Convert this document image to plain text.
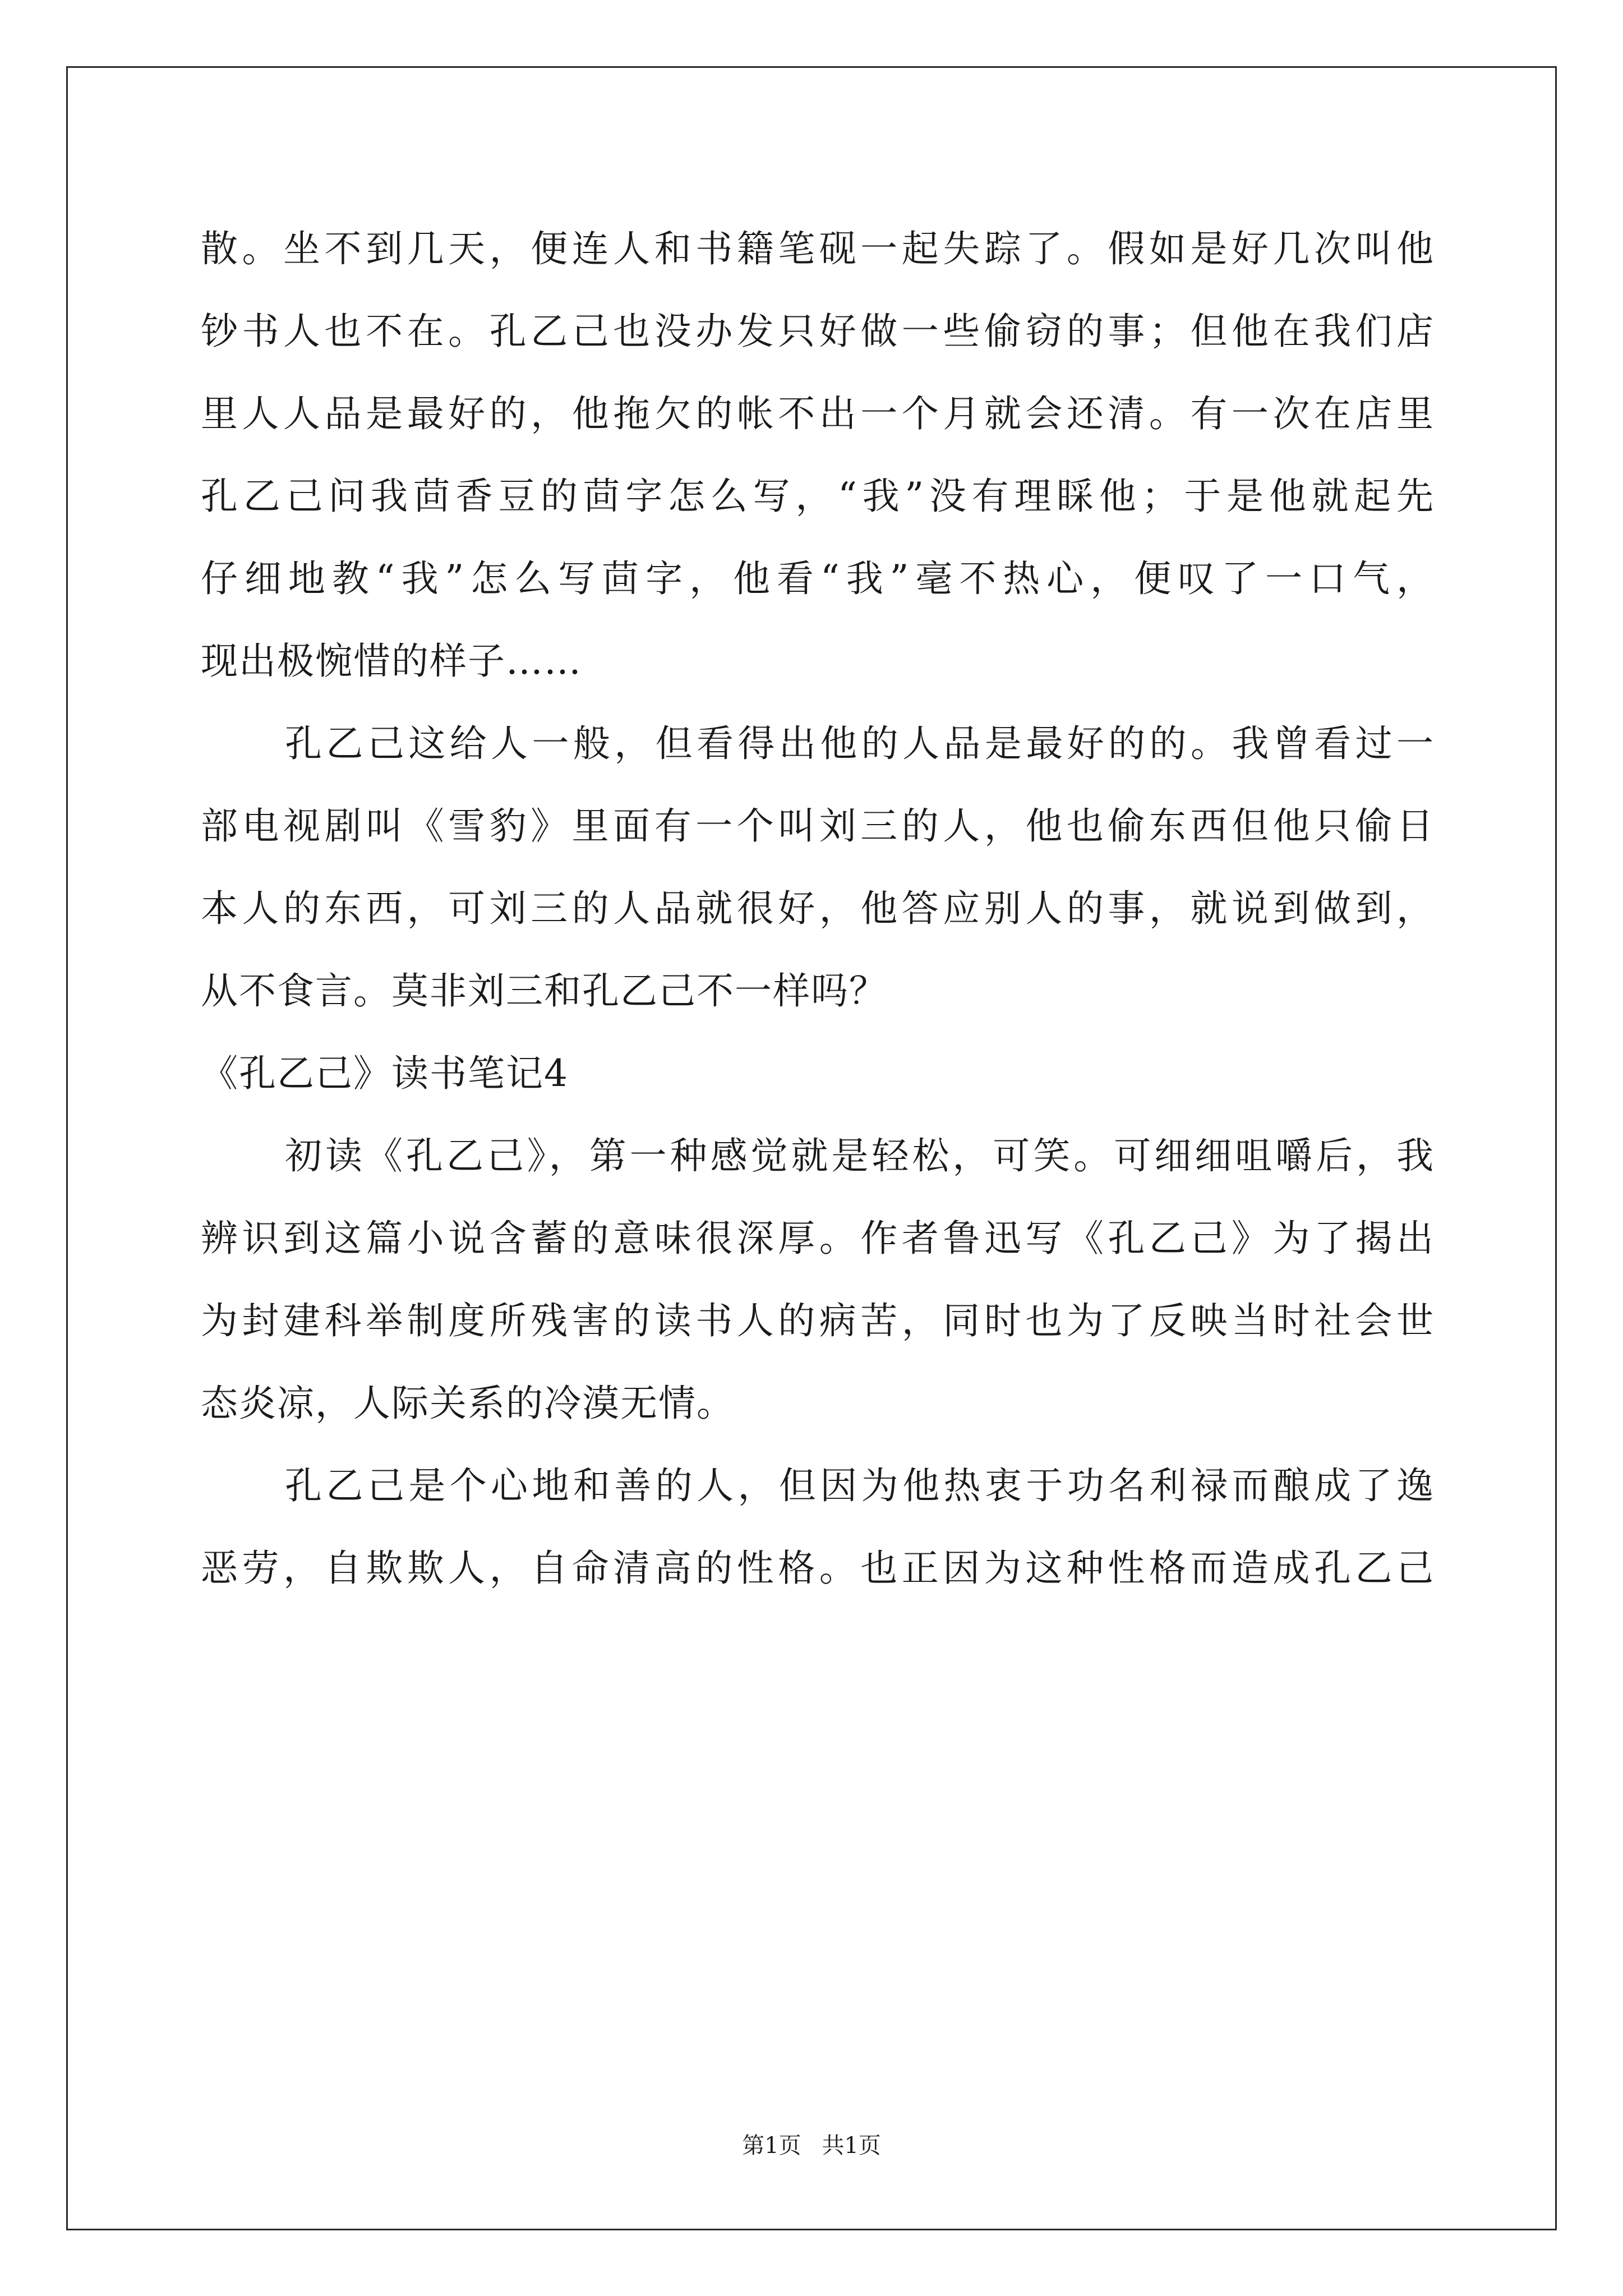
散。坐不到几天，便连人和书籍笔砚一起失踪了。假如是好几次叫他

钞书人也不在。孔乙己也没办发只好做一些偷窃的事；但他在我们店

里人人品是最好的，他拖欠的帐不出一个月就会还清。有一次在店里

孔乙己问我茴香豆的茴字怎么写，“我”没有理睬他；于是他就起先

仔细地教“我”怎么写茴字，他看“我”毫不热心，便叹了一口气，

现出极惋惜的样子……

孔乙己这给人一般，但看得出他的人品是最好的的。我曾看过一

部电视剧叫《雪豹》里面有一个叫刘三的人，他也偷东西但他只偷日

本人的东西，可刘三的人品就很好，他答应别人的事，就说到做到，

从不食言。莫非刘三和孔乙己不一样吗？

《孔乙己》读书笔记4

初读《孔乙己》，第一种感觉就是轻松，可笑。可细细咀嚼后，我

辨识到这篇小说含蓄的意味很深厚。作者鲁迅写《孔乙己》为了揭出

为封建科举制度所残害的读书人的病苦，同时也为了反映当时社会世

态炎凉，人际关系的冷漠无情。

孔乙己是个心地和善的人，但因为他热衷于功名利禄而酿成了逸

恶劳，自欺欺人，自命清高的性格。也正因为这种性格而造成孔乙己

第1页 共1页
